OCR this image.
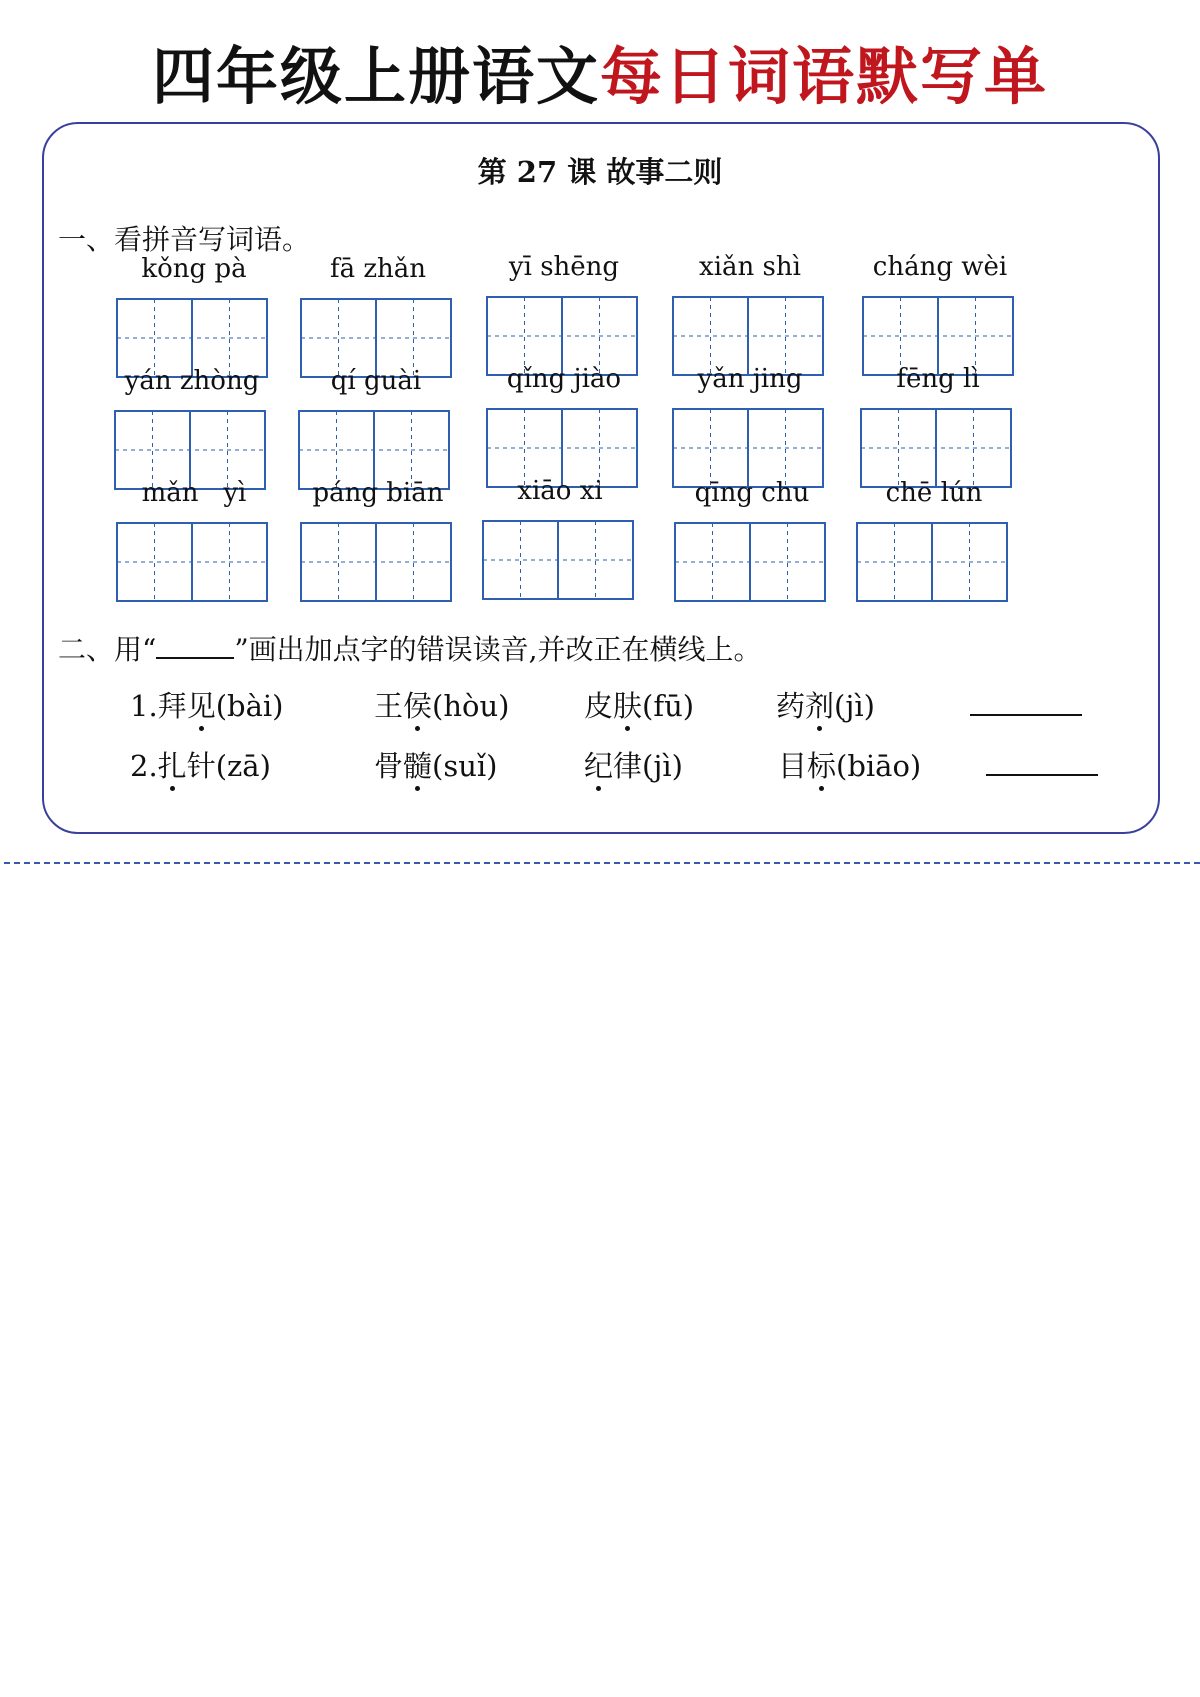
四年级上册语文每日词语默写单
第 27 课 故事二则
一、看拼音写词语。
kǒng pà	fā zhǎn	yī shēng	xiǎn shì	cháng wèi
yán zhòng	qí guài	qǐng jiào	yǎn jing	fēng lì
mǎn   yì	páng biān	xiāo xi	qīng chu	chē lún
二、用“	”画出加点字的错误读音,并改正在横线上。
1.拜见(bài)	王侯(hòu)	皮肤(fū)	药剂(jì)
2.扎针(zā)	骨髓(suǐ)	纪律(jì)	目标(biāo)
